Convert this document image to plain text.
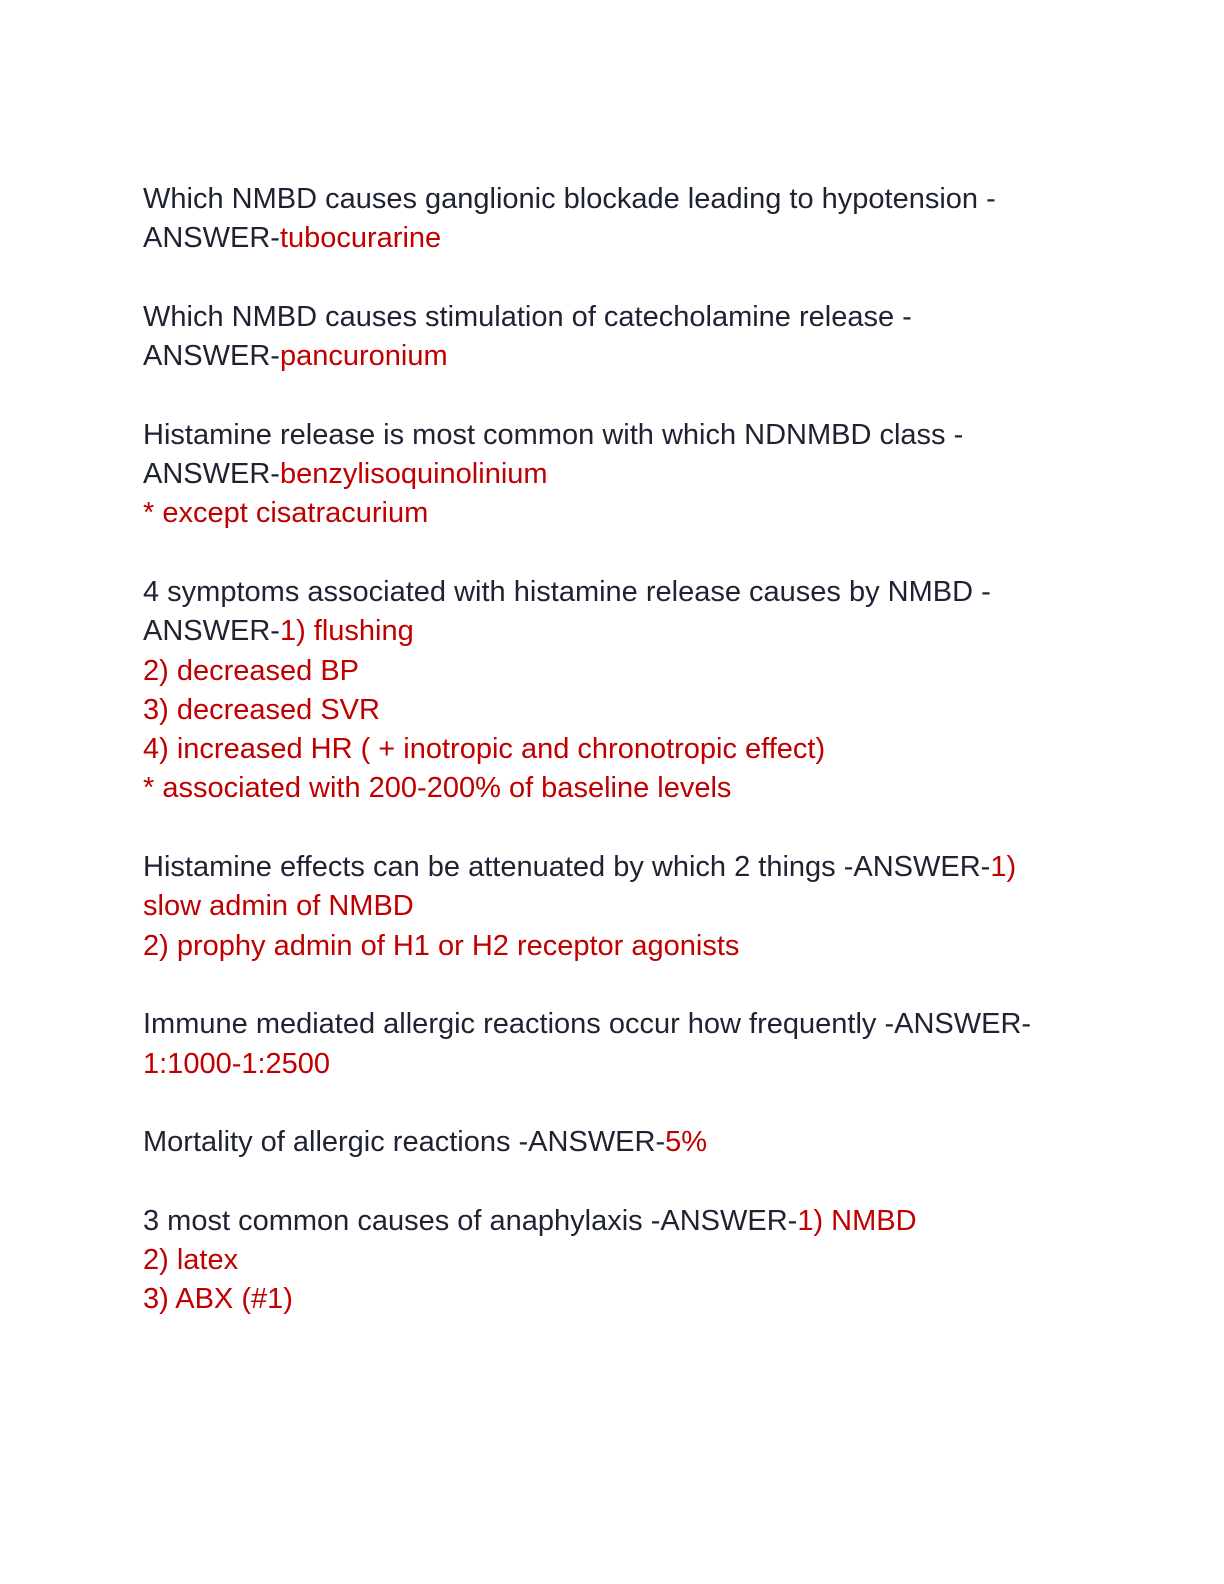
Which NMBD causes ganglionic blockade leading to hypotension -
ANSWER-tubocurarine
Which NMBD causes stimulation of catecholamine release -
ANSWER-pancuronium
Histamine release is most common with which NDNMBD class -
ANSWER-benzylisoquinolinium
* except cisatracurium
4 symptoms associated with histamine release causes by NMBD -
ANSWER-1) flushing
2) decreased BP
3) decreased SVR
4) increased HR ( + inotropic and chronotropic effect)
* associated with 200-200% of baseline levels
Histamine effects can be attenuated by which 2 things -ANSWER-1)
slow admin of NMBD
2) prophy admin of H1 or H2 receptor agonists
Immune mediated allergic reactions occur how frequently -ANSWER-
1:1000-1:2500
Mortality of allergic reactions -ANSWER-5%
3 most common causes of anaphylaxis -ANSWER-1) NMBD
2) latex
3) ABX (#1)
